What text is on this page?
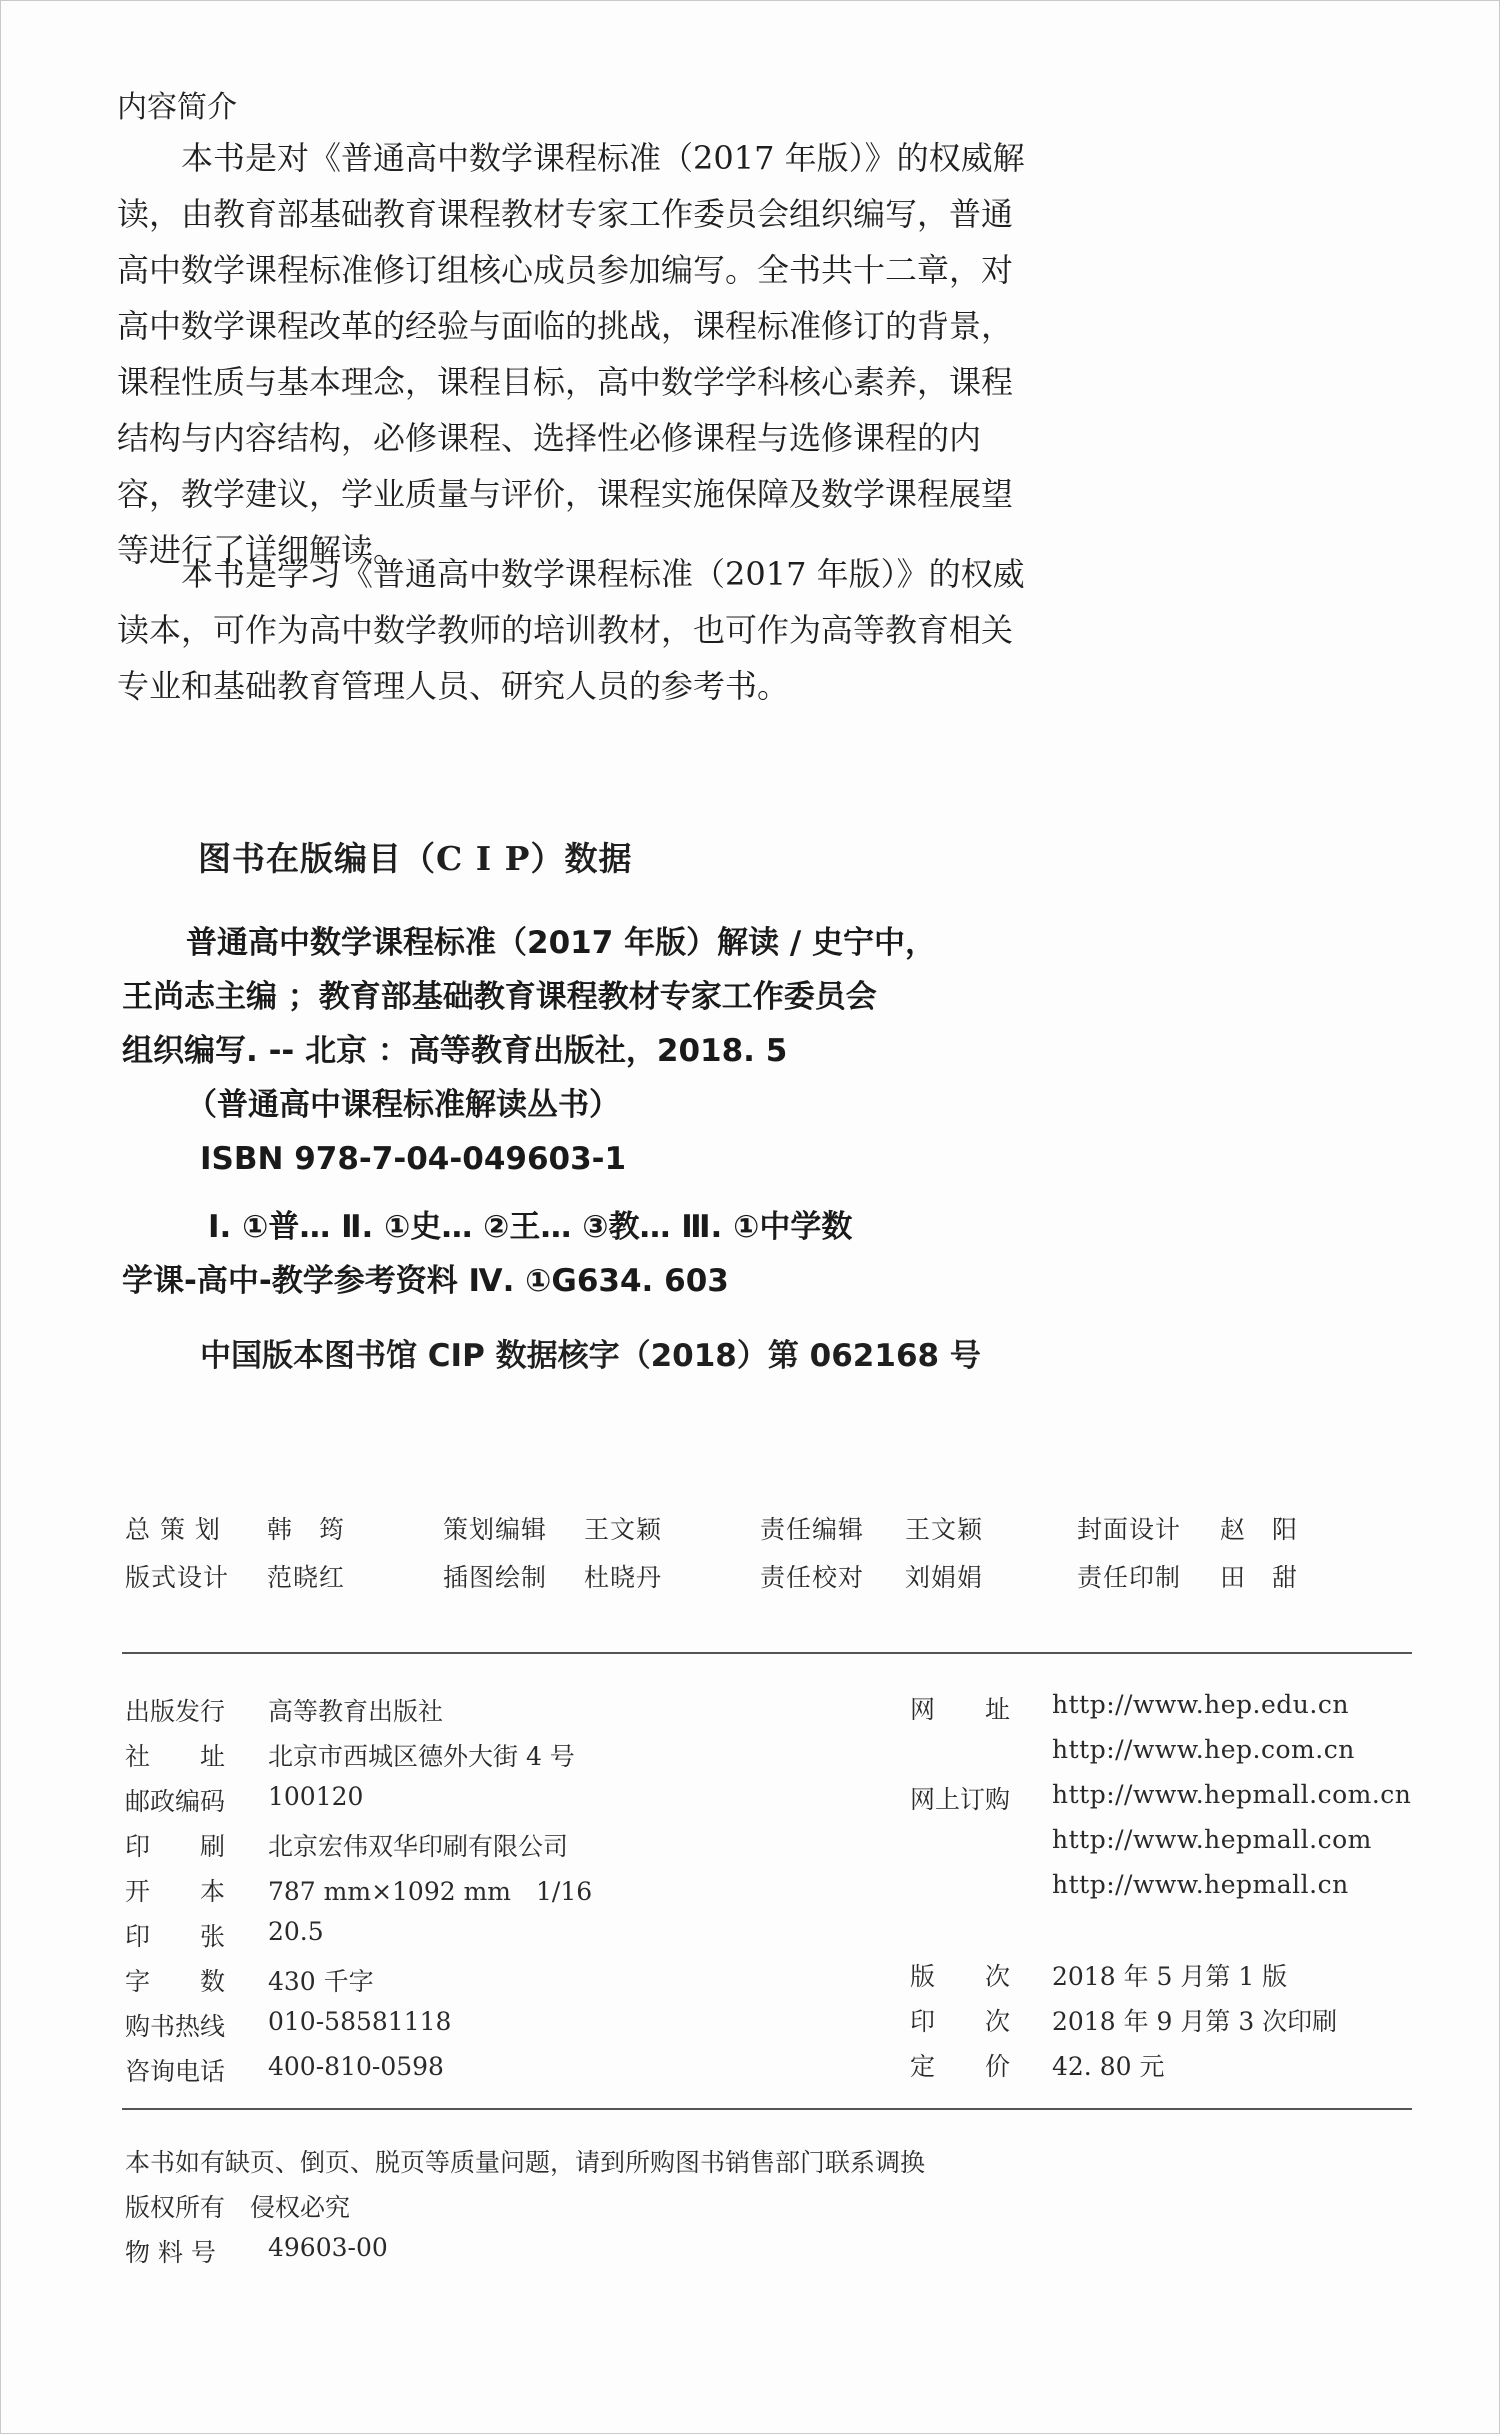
内容简介
本书是对《普通高中数学课程标准（2017 年版）》的权威解
读，由教育部基础教育课程教材专家工作委员会组织编写，普通
高中数学课程标准修订组核心成员参加编写。全书共十二章，对
高中数学课程改革的经验与面临的挑战，课程标准修订的背景，
课程性质与基本理念，课程目标，高中数学学科核心素养，课程
结构与内容结构，必修课程、选择性必修课程与选修课程的内
容，教学建议，学业质量与评价，课程实施保障及数学课程展望
等进行了详细解读。
本书是学习《普通高中数学课程标准（2017 年版）》的权威
读本，可作为高中数学教师的培训教材，也可作为高等教育相关
专业和基础教育管理人员、研究人员的参考书。
图书在版编目（C I P）数据
普通高中数学课程标准（2017 年版）解读 / 史宁中，
王尚志主编 ；教育部基础教育课程教材专家工作委员会
组织编写. -- 北京 ：高等教育出版社，2018. 5
（普通高中课程标准解读丛书）
ISBN 978-7-04-049603-1
Ⅰ. ①普… Ⅱ. ①史… ②王… ③教… Ⅲ. ①中学数
学课-高中-教学参考资料 Ⅳ. ①G634. 603
中国版本图书馆 CIP 数据核字（2018）第 062168 号
总 策 划 韩　筠	策划编辑 王文颖	责任编辑 王文颖	封面设计 赵　阳
版式设计 范晓红	插图绘制 杜晓丹	责任校对 刘娟娟	责任印制 田　甜
出版发行 高等教育出版社
社　　址 北京市西城区德外大街 4 号
邮政编码 100120
印　　刷 北京宏伟双华印刷有限公司
开　　本 787 mm×1092 mm　1/16
印　　张 20.5
字　　数 430 千字
购书热线 010-58581118
咨询电话 400-810-0598
网　　址 http://www.hep.edu.cn
http://www.hep.com.cn
网上订购 http://www.hepmall.com.cn
http://www.hepmall.com
http://www.hepmall.cn
版　　次 2018 年 5 月第 1 版
印　　次 2018 年 9 月第 3 次印刷
定　　价 42. 80 元
本书如有缺页、倒页、脱页等质量问题，请到所购图书销售部门联系调换
版权所有　侵权必究
物 料 号 49603-00
